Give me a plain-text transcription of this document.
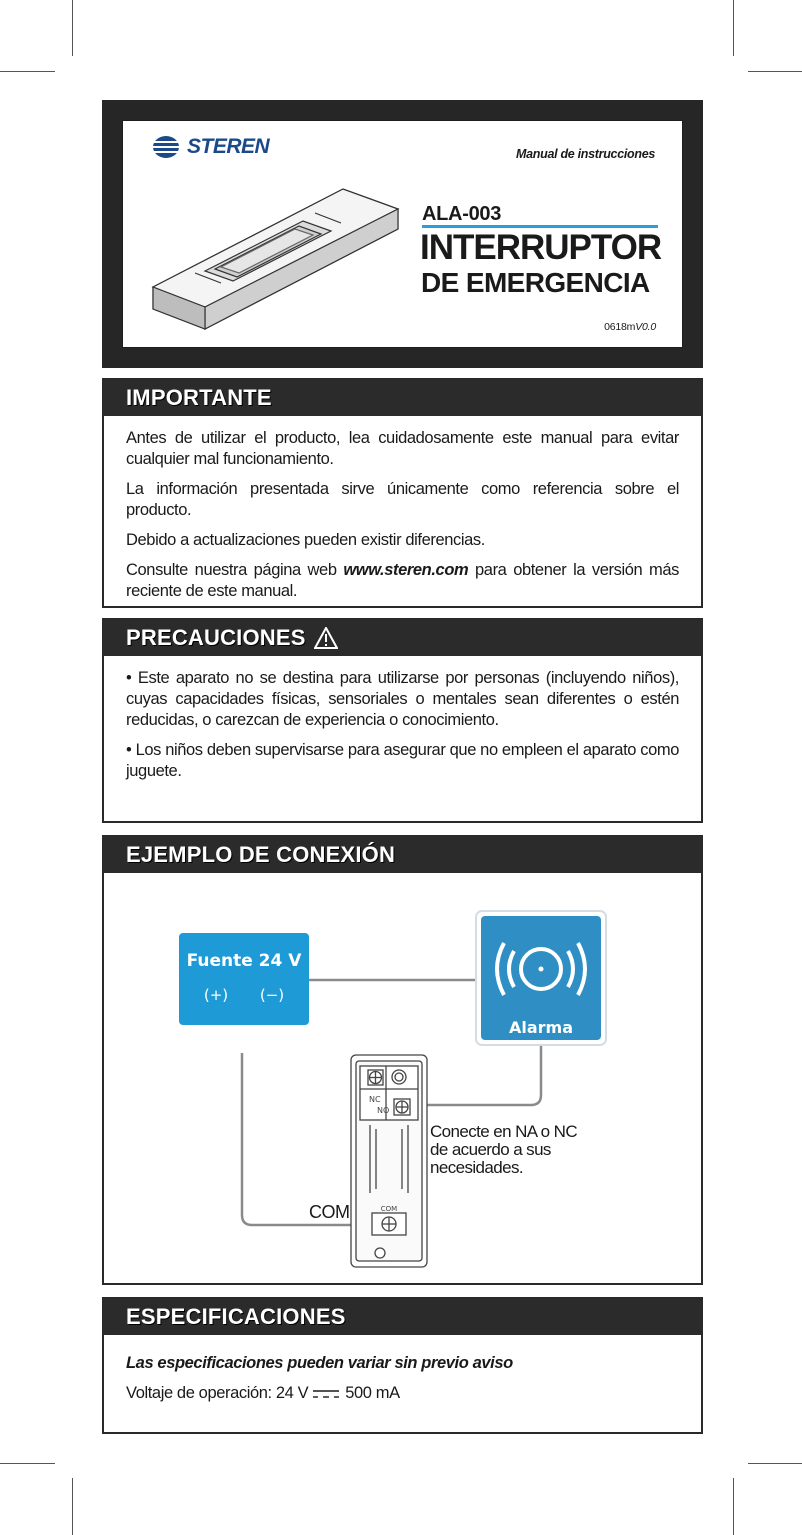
STEREN	Manual de instrucciones
ALA-003
INTERRUPTOR
DE EMERGENCIA
0618mV0.0
IMPORTANTE

Antes de utilizar el producto, lea cuidadosamente este manual para evitar cualquier mal funcionamiento.

La información presentada sirve únicamente como referencia sobre el producto.

Debido a actualizaciones pueden existir diferencias.

Consulte nuestra página web www.steren.com para obtener la versión más reciente de este manual.

PRECAUCIONES

• Este aparato no se destina para utilizarse por personas (incluyendo niños), cuyas capacidades físicas, sensoriales o mentales sean diferentes o estén reducidas, o carezcan de experiencia o conocimiento.

• Los niños deben supervisarse para asegurar que no empleen el aparato como juguete.

EJEMPLO DE CONEXIÓN
Fuente 24 V
(+) (−)
Alarma
NC
NO
COM
COM
Conecte en NA o NC
de acuerdo a sus
necesidades.
ESPECIFICACIONES

Las especificaciones pueden variar sin previo aviso

Voltaje de operación: 24 V 500 mA
